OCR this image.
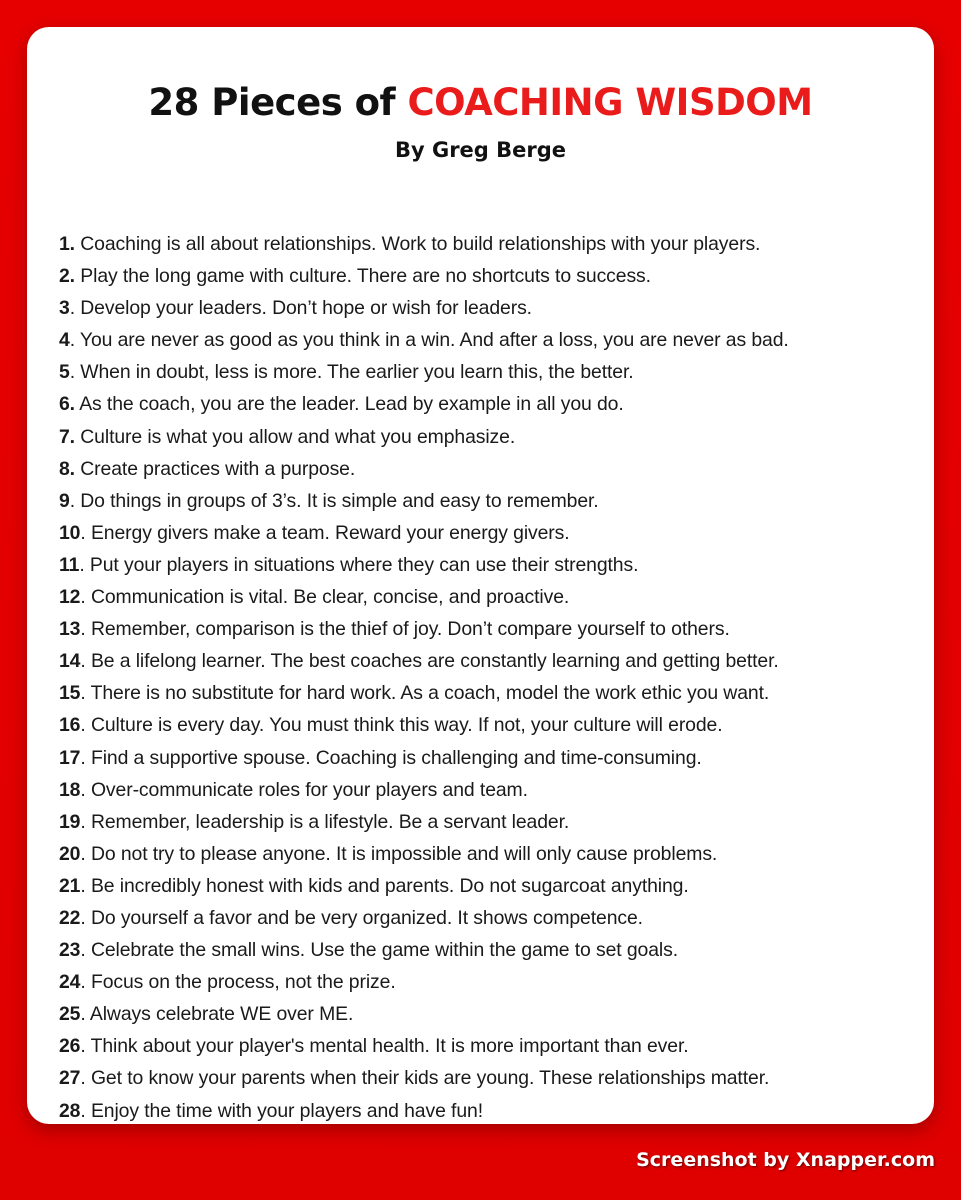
28 Pieces of COACHING WISDOM
By Greg Berge
1. Coaching is all about relationships. Work to build relationships with your players.
2. Play the long game with culture. There are no shortcuts to success.
3. Develop your leaders. Don’t hope or wish for leaders.
4. You are never as good as you think in a win. And after a loss, you are never as bad.
5. When in doubt, less is more. The earlier you learn this, the better.
6. As the coach, you are the leader. Lead by example in all you do.
7. Culture is what you allow and what you emphasize.
8. Create practices with a purpose.
9. Do things in groups of 3’s. It is simple and easy to remember.
10. Energy givers make a team. Reward your energy givers.
11. Put your players in situations where they can use their strengths.
12. Communication is vital. Be clear, concise, and proactive.
13. Remember, comparison is the thief of joy. Don’t compare yourself to others.
14. Be a lifelong learner. The best coaches are constantly learning and getting better.
15. There is no substitute for hard work. As a coach, model the work ethic you want.
16. Culture is every day. You must think this way. If not, your culture will erode.
17. Find a supportive spouse. Coaching is challenging and time-consuming.
18. Over-communicate roles for your players and team.
19. Remember, leadership is a lifestyle. Be a servant leader.
20. Do not try to please anyone. It is impossible and will only cause problems.
21. Be incredibly honest with kids and parents. Do not sugarcoat anything.
22. Do yourself a favor and be very organized. It shows competence.
23. Celebrate the small wins. Use the game within the game to set goals.
24. Focus on the process, not the prize.
25. Always celebrate WE over ME.
26. Think about your player's mental health. It is more important than ever.
27. Get to know your parents when their kids are young. These relationships matter.
28. Enjoy the time with your players and have fun!
Screenshot by Xnapper.com
